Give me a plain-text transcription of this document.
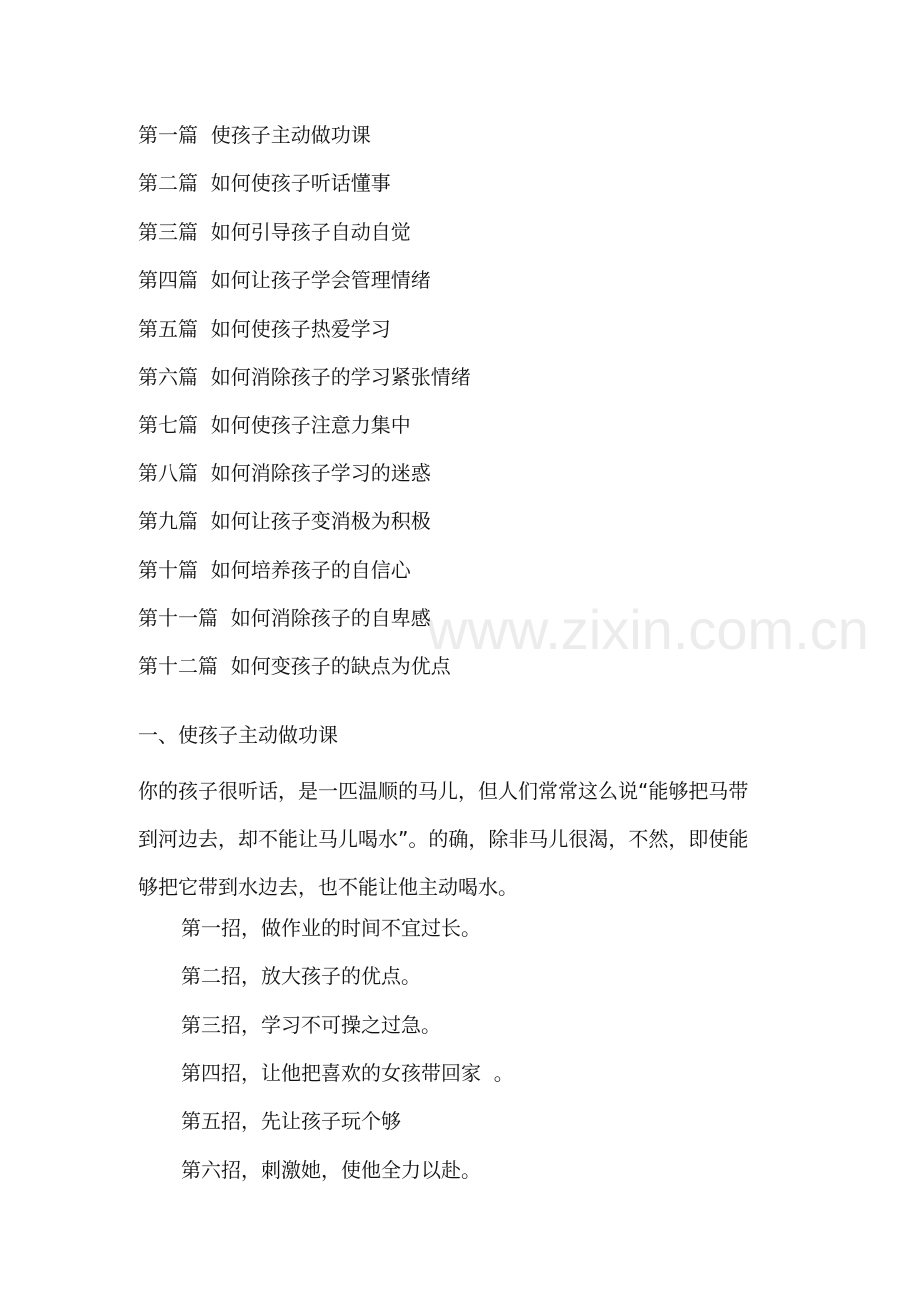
www.zixin.com.cn
第一篇  使孩子主动做功课
第二篇  如何使孩子听话懂事
第三篇  如何引导孩子自动自觉
第四篇  如何让孩子学会管理情绪
第五篇  如何使孩子热爱学习
第六篇  如何消除孩子的学习紧张情绪
第七篇  如何使孩子注意力集中
第八篇  如何消除孩子学习的迷惑
第九篇  如何让孩子变消极为积极
第十篇  如何培养孩子的自信心
第十一篇  如何消除孩子的自卑感
第十二篇  如何变孩子的缺点为优点
一、使孩子主动做功课
你的孩子很听话，是一匹温顺的马儿，但人们常常这么说“能够把马带
到河边去，却不能让马儿喝水”。的确，除非马儿很渴，不然，即使能
够把它带到水边去，也不能让他主动喝水。
第一招，做作业的时间不宜过长。
第二招，放大孩子的优点。
第三招，学习不可操之过急。
第四招，让他把喜欢的女孩带回家  。
第五招，先让孩子玩个够
第六招，刺激她，使他全力以赴。
